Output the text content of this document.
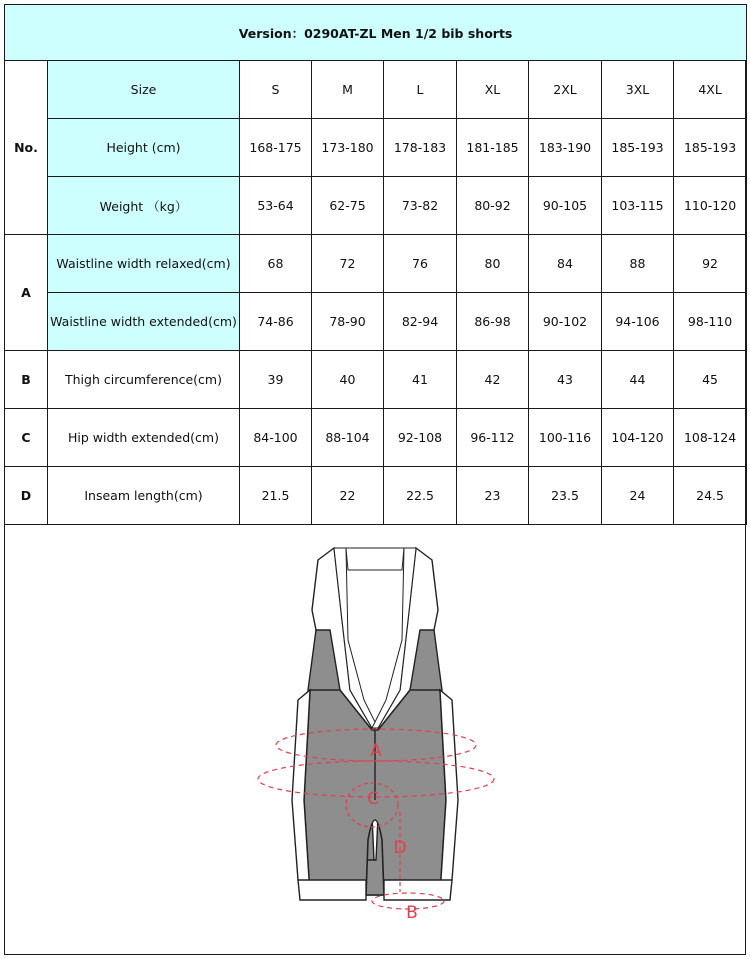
Version：0290AT-ZL Men 1/2 bib shorts								
No.	Size	S	M	L	XL	2XL	3XL	4XL
	Height (cm)	168-175	173-180	178-183	181-185	183-190	185-193	185-193
	Weight （kg）	53-64	62-75	73-82	80-92	90-105	103-115	110-120
A	Waistline width relaxed(cm)	68	72	76	80	84	88	92
	Waistline width extended(cm)	74-86	78-90	82-94	86-98	90-102	94-106	98-110
B	Thigh circumference(cm)	39	40	41	42	43	44	45
C	Hip width extended(cm)	84-100	88-104	92-108	96-112	100-116	104-120	108-124
D	Inseam length(cm)	21.5	22	22.5	23	23.5	24	24.5
A
C
D
B
